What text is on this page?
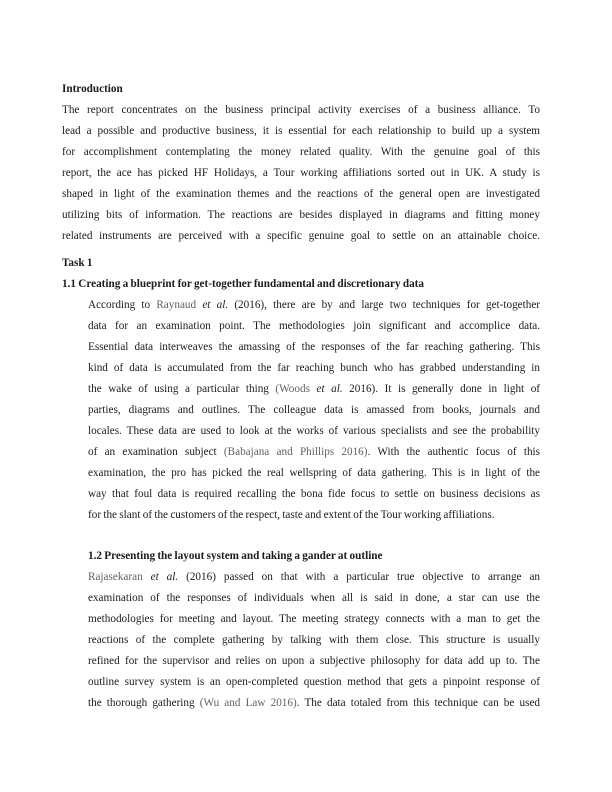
Introduction
The report concentrates on the business principal activity exercises of a business alliance. To
lead a possible and productive business, it is essential for each relationship to build up a system
for accomplishment contemplating the money related quality. With the genuine goal of this
report, the ace has picked HF Holidays, a Tour working affiliations sorted out in UK. A study is
shaped in light of the examination themes and the reactions of the general open are investigated
utilizing bits of information. The reactions are besides displayed in diagrams and fitting money
related instruments are perceived with a specific genuine goal to settle on an attainable choice.
Task 1
1.1 Creating a blueprint for get-together fundamental and discretionary data
According to Raynaud et al. (2016), there are by and large two techniques for get-together
data for an examination point. The methodologies join significant and accomplice data.
Essential data interweaves the amassing of the responses of the far reaching gathering. This
kind of data is accumulated from the far reaching bunch who has grabbed understanding in
the wake of using a particular thing (Woods et al. 2016). It is generally done in light of
parties, diagrams and outlines. The colleague data is amassed from books, journals and
locales. These data are used to look at the works of various specialists and see the probability
of an examination subject (Babajana and Phillips 2016). With the authentic focus of this
examination, the pro has picked the real wellspring of data gathering. This is in light of the
way that foul data is required recalling the bona fide focus to settle on business decisions as
for the slant of the customers of the respect, taste and extent of the Tour working affiliations.
1.2 Presenting the layout system and taking a gander at outline
Rajasekaran et al. (2016) passed on that with a particular true objective to arrange an
examination of the responses of individuals when all is said in done, a star can use the
methodologies for meeting and layout. The meeting strategy connects with a man to get the
reactions of the complete gathering by talking with them close. This structure is usually
refined for the supervisor and relies on upon a subjective philosophy for data add up to. The
outline survey system is an open-completed question method that gets a pinpoint response of
the thorough gathering (Wu and Law 2016). The data totaled from this technique can be used
